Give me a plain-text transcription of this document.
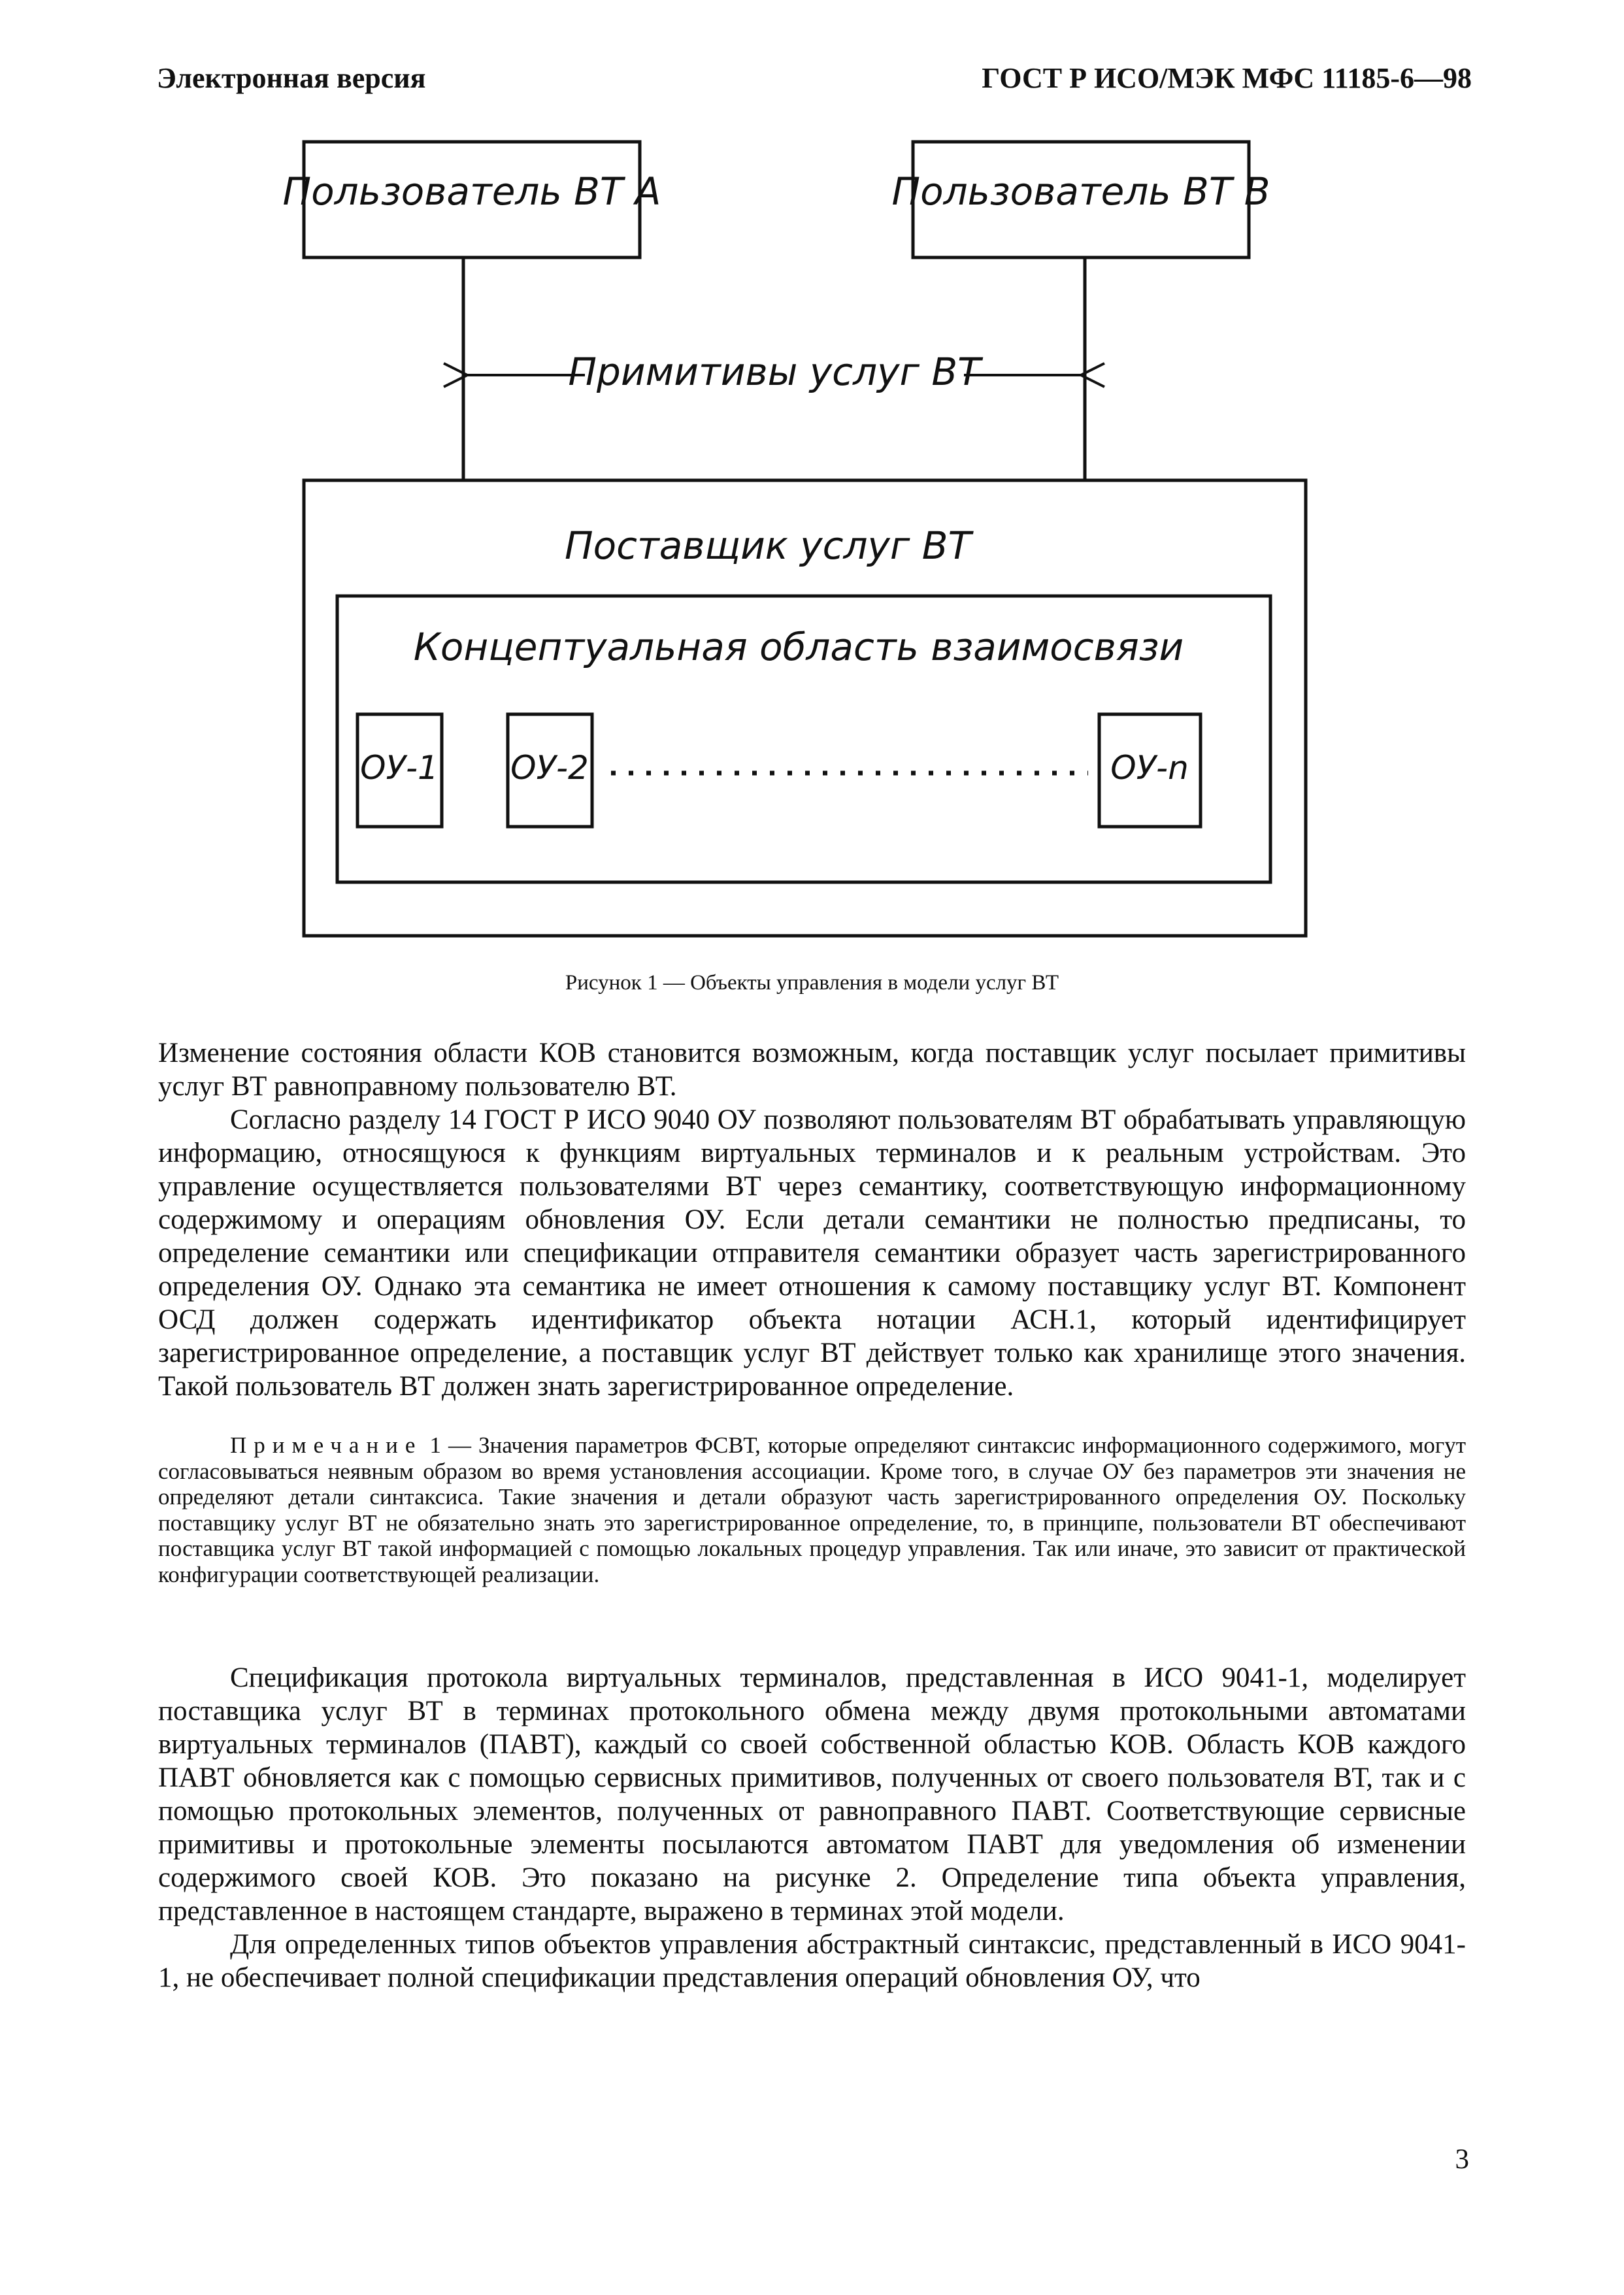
Электронная версия	ГОСТ Р ИСО/МЭК МФС 11185-6—98
Пользователь ВТ А	Пользователь ВТ В
Примитивы услуг ВТ
Поставщик услуг ВТ
Концептуальная область взаимосвязи
ОУ-1 ОУ-2	ОУ-n
Рисунок 1 — Объекты управления в модели услуг ВТ

Изменение состояния области КОВ становится возможным, когда поставщик услуг посылает примитивы услуг ВТ равноправному пользователю ВТ.

Согласно разделу 14 ГОСТ Р ИСО 9040 ОУ позволяют пользователям ВТ обрабатывать управляющую информацию, относящуюся к функциям виртуальных терминалов и к реальным устройствам. Это управление осуществляется пользователями ВТ через семантику, соответствующую информационному содержимому и операциям обновления ОУ. Если детали семантики не полностью предписаны, то определение семантики или спецификации отправителя семантики образует часть зарегистрированного определения ОУ. Однако эта семантика не имеет отношения к самому поставщику услуг ВТ. Компонент ОСД должен содержать идентификатор объекта нотации АСН.1, который идентифицирует зарегистрированное определение, а поставщик услуг ВТ действует только как хранилище этого значения. Такой пользователь ВТ должен знать зарегистрированное определение.

Примечание 1 — Значения параметров ФСВТ, которые определяют синтаксис информационного содержимого, могут согласовываться неявным образом во время установления ассоциации. Кроме того, в случае ОУ без параметров эти значения не определяют детали синтаксиса. Такие значения и детали образуют часть зарегистрированного определения ОУ. Поскольку поставщику услуг ВТ не обязательно знать это зарегистрированное определение, то, в принципе, пользователи ВТ обеспечивают поставщика услуг ВТ такой информацией с помощью локальных процедур управления. Так или иначе, это зависит от практической конфигурации соответствующей реализации.

Спецификация протокола виртуальных терминалов, представленная в ИСО 9041-1, моделирует поставщика услуг ВТ в терминах протокольного обмена между двумя протокольными автоматами виртуальных терминалов (ПАВТ), каждый со своей собственной областью КОВ. Область КОВ каждого ПАВТ обновляется как с помощью сервисных примитивов, полученных от своего пользователя ВТ, так и с помощью протокольных элементов, полученных от равноправного ПАВТ. Соответствующие сервисные примитивы и протокольные элементы посылаются автоматом ПАВТ для уведомления об изменении содержимого своей КОВ. Это показано на рисунке 2. Определение типа объекта управления, представленное в настоящем стандарте, выражено в терминах этой модели.

Для определенных типов объектов управления абстрактный синтаксис, представленный в ИСО 9041-1, не обеспечивает полной спецификации представления операций обновления ОУ, что

3
